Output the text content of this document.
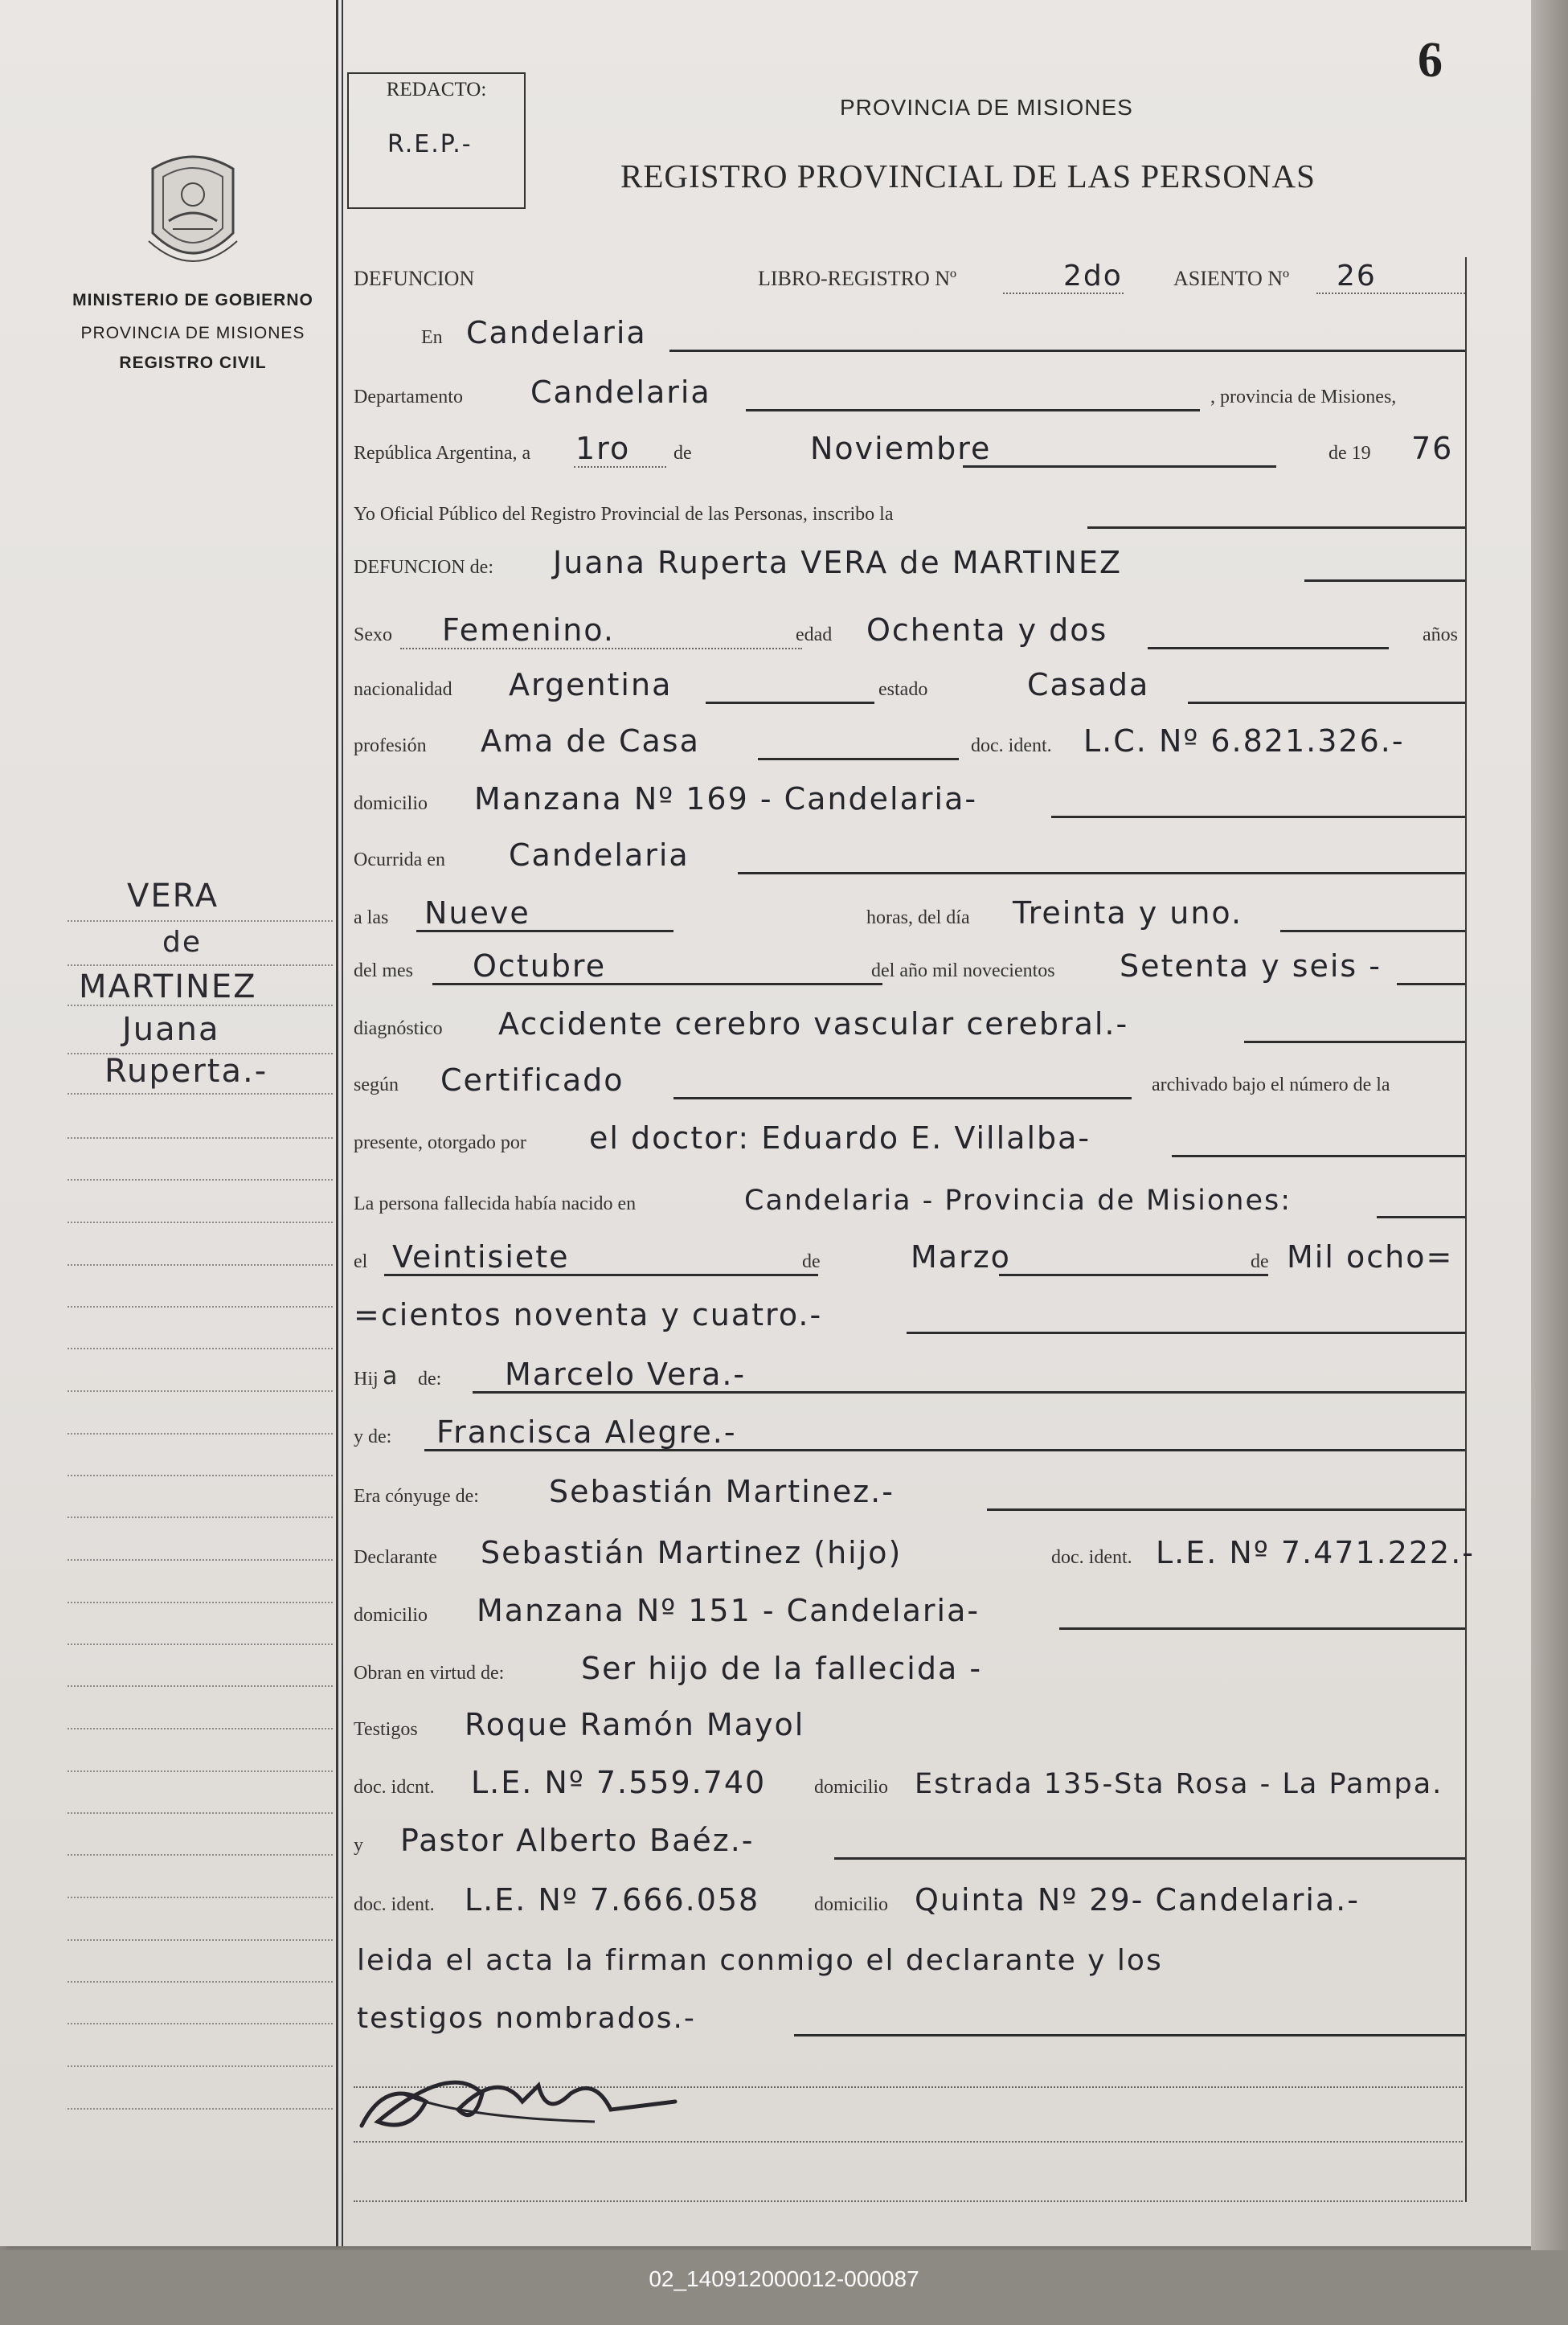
6
REDACTO:
R.E.P.-
MINISTERIO DE GOBIERNO
PROVINCIA DE MISIONES
REGISTRO CIVIL
PROVINCIA DE MISIONES
REGISTRO PROVINCIAL DE LAS PERSONAS
DEFUNCION	LIBRO-REGISTRO Nº	2do ASIENTO Nº 26
En Candelaria
Departamento Candelaria	, provincia de Misiones,
República Argentina, a 1ro de	Noviembre	de 19 76
Yo Oficial Público del Registro Provincial de las Personas, inscribo la
DEFUNCION de: Juana Ruperta VERA de MARTINEZ
Sexo Femenino.	edad Ochenta y dos	años
nacionalidad Argentina	estado	Casada
profesión Ama de Casa	doc. ident. L.C. Nº 6.821.326.-
domicilio Manzana Nº 169 - Candelaria-
Ocurrida en Candelaria
a las Nueve	horas, del día Treinta y uno.
del mes Octubre	del año mil novecientos Setenta y seis -
diagnóstico Accidente cerebro vascular cerebral.-
según Certificado	archivado bajo el número de la
presente, otorgado por el doctor: Eduardo E. Villalba-
La persona fallecida había nacido en	Candelaria - Provincia de Misiones:
el Veintisiete	de	Marzo	de Mil ocho=
=cientos noventa y cuatro.-
Hij a de: Marcelo Vera.-
y de: Francisca Alegre.-
Era cónyuge de: Sebastián Martinez.-
Declarante Sebastián Martinez (hijo)	doc. ident. L.E. Nº 7.471.222.-
domicilio Manzana Nº 151 - Candelaria-
Obran en virtud de:	Ser hijo de la fallecida -
Testigos Roque Ramón Mayol
doc. idcnt. L.E. Nº 7.559.740 domicilio Estrada 135-Sta Rosa - La Pampa.
y Pastor Alberto Baéz.-
doc. ident. L.E. Nº 7.666.058	domicilio Quinta Nº 29- Candelaria.-
leida el acta la firman conmigo el declarante y los
testigos nombrados.-
VERA
de
MARTINEZ
Juana
Ruperta.-
02_140912000012-000087
